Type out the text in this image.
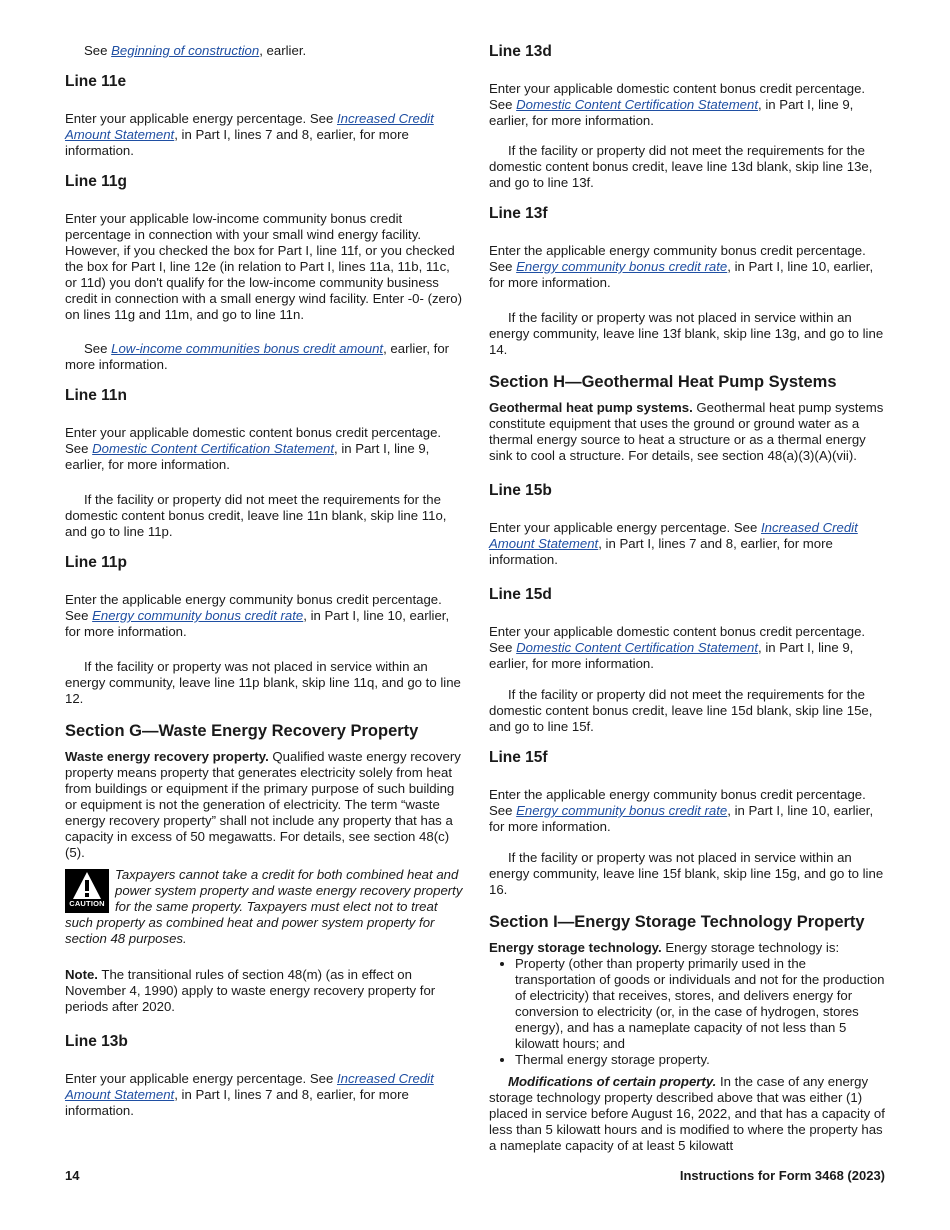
See Beginning of construction, earlier.

Line 11e

Enter your applicable energy percentage. See Increased Credit Amount Statement, in Part I, lines 7 and 8, earlier, for more information.

Line 11g

Enter your applicable low-income community bonus credit percentage in connection with your small wind energy facility. However, if you checked the box for Part I, line 11f, or you checked the box for Part I, line 12e (in relation to Part I, lines 11a, 11b, 11c, or 11d) you don't qualify for the low-income community business credit in connection with a small energy wind facility. Enter -0- (zero) on lines 11g and 11m, and go to line 11n.

See Low-income communities bonus credit amount, earlier, for more information.

Line 11n

Enter your applicable domestic content bonus credit percentage. See Domestic Content Certification Statement, in Part I, line 9, earlier, for more information.

If the facility or property did not meet the requirements for the domestic content bonus credit, leave line 11n blank, skip line 11o, and go to line 11p.

Line 11p

Enter the applicable energy community bonus credit percentage. See Energy community bonus credit rate, in Part I, line 10, earlier, for more information.

If the facility or property was not placed in service within an energy community, leave line 11p blank, skip line 11q, and go to line 12.

Section G—Waste Energy Recovery Property

Waste energy recovery property. Qualified waste energy recovery property means property that generates electricity solely from heat from buildings or equipment if the primary purpose of such building or equipment is not the generation of electricity. The term “waste energy recovery property” shall not include any property that has a capacity in excess of 50 megawatts. For details, see section 48(c)(5).

CAUTION
Taxpayers cannot take a credit for both combined heat and power system property and waste energy recovery property for the same property. Taxpayers must elect not to treat such property as combined heat and power system property for section 48 purposes.

Note. The transitional rules of section 48(m) (as in effect on November 4, 1990) apply to waste energy recovery property for periods after 2020.

Line 13b

Enter your applicable energy percentage. See Increased Credit Amount Statement, in Part I, lines 7 and 8, earlier, for more information.

Line 13d

Enter your applicable domestic content bonus credit percentage. See Domestic Content Certification Statement, in Part I, line 9, earlier, for more information.

If the facility or property did not meet the requirements for the domestic content bonus credit, leave line 13d blank, skip line 13e, and go to line 13f.

Line 13f

Enter the applicable energy community bonus credit percentage. See Energy community bonus credit rate, in Part I, line 10, earlier, for more information.

If the facility or property was not placed in service within an energy community, leave line 13f blank, skip line 13g, and go to line 14.

Section H—Geothermal Heat Pump Systems

Geothermal heat pump systems. Geothermal heat pump systems constitute equipment that uses the ground or ground water as a thermal energy source to heat a structure or as a thermal energy sink to cool a structure. For details, see section 48(a)(3)(A)(vii).

Line 15b

Enter your applicable energy percentage. See Increased Credit Amount Statement, in Part I, lines 7 and 8, earlier, for more information.

Line 15d

Enter your applicable domestic content bonus credit percentage. See Domestic Content Certification Statement, in Part I, line 9, earlier, for more information.

If the facility or property did not meet the requirements for the domestic content bonus credit, leave line 15d blank, skip line 15e, and go to line 15f.

Line 15f

Enter the applicable energy community bonus credit percentage. See Energy community bonus credit rate, in Part I, line 10, earlier, for more information.

If the facility or property was not placed in service within an energy community, leave line 15f blank, skip line 15g, and go to line 16.

Section I—Energy Storage Technology Property

Energy storage technology. Energy storage technology is:

• Property (other than property primarily used in the transportation of goods or individuals and not for the production of electricity) that receives, stores, and delivers energy for conversion to electricity (or, in the case of hydrogen, stores energy), and has a nameplate capacity of not less than 5 kilowatt hours; and
• Thermal energy storage property.

Modifications of certain property. In the case of any energy storage technology property described above that was either (1) placed in service before August 16, 2022, and that has a capacity of less than 5 kilowatt hours and is modified to where the property has a nameplate capacity of at least 5 kilowatt

14	Instructions for Form 3468 (2023)
